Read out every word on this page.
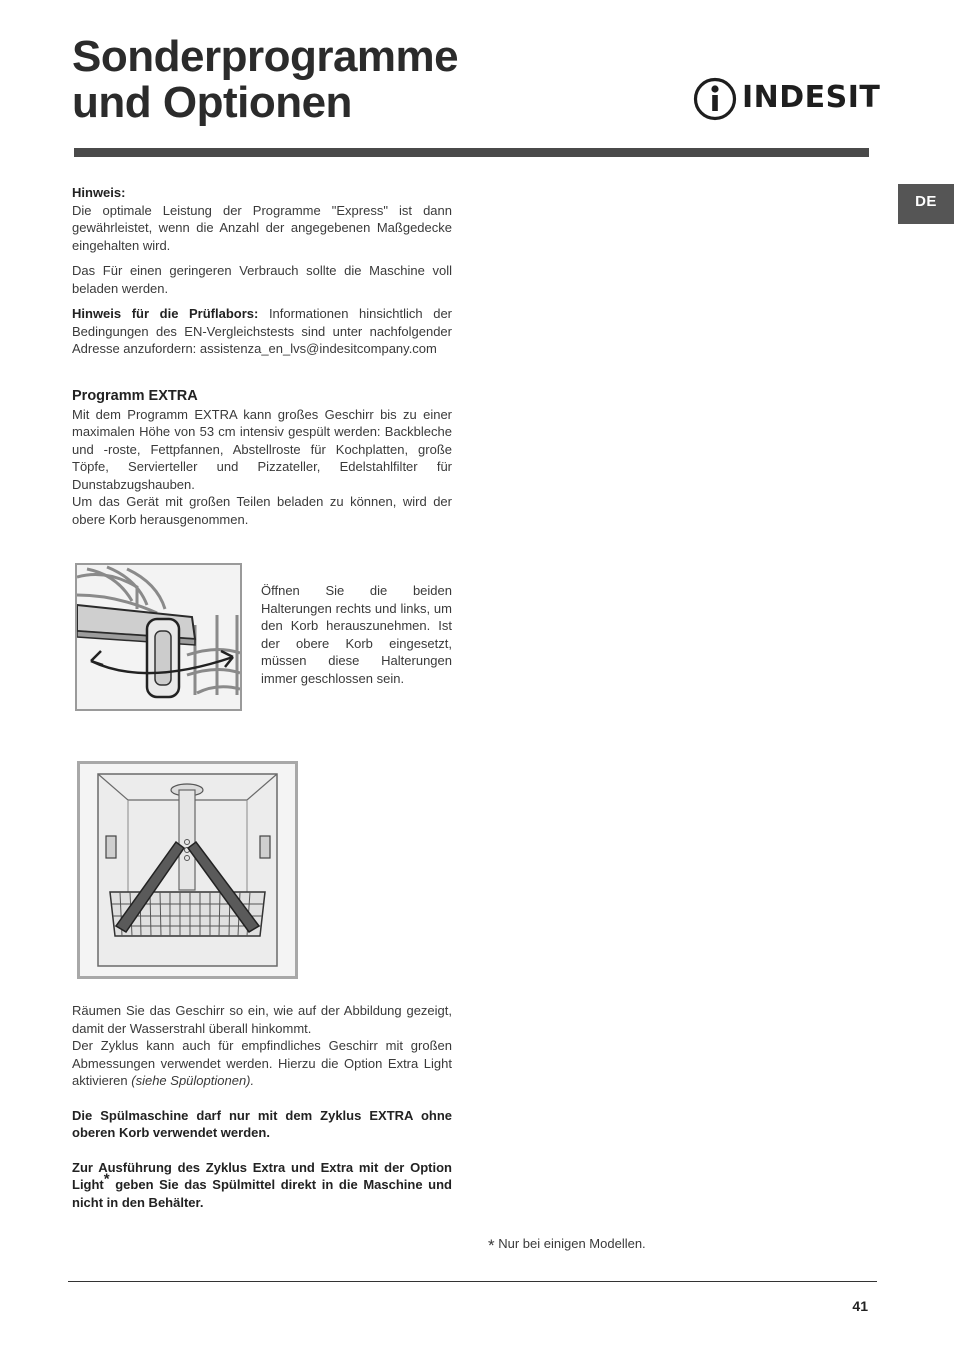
Sonderprogramme
und Optionen	INDESIT
DE

Hinweis:

Die optimale Leistung der Programme "Express" ist dann gewährleistet, wenn die Anzahl der angegebenen Maßgedecke eingehalten wird.

Das Für einen geringeren Verbrauch sollte die Maschine voll beladen werden.

Hinweis für die Prüflabors: Informationen hinsichtlich der Bedingungen des EN-Vergleichstests sind unter nachfolgender Adresse anzufordern: assistenza_en_lvs@indesitcompany.com

Programm EXTRA

Mit dem Programm EXTRA kann großes Geschirr bis zu einer maximalen Höhe von 53 cm intensiv gespült werden: Backbleche und -roste, Fettpfannen, Abstellroste für Kochplatten, große Töpfe, Servierteller und Pizzateller, Edelstahlfilter für Dunstabzugshauben.

Um das Gerät mit großen Teilen beladen zu können, wird der obere Korb herausgenommen.

Öffnen Sie die beiden Halterungen rechts und links, um den Korb herauszunehmen. Ist der obere Korb eingesetzt, müssen diese Halterungen immer geschlossen sein.

Räumen Sie das Geschirr so ein, wie auf der Abbildung gezeigt, damit der Wasserstrahl überall hinkommt.

Der Zyklus kann auch für empfindliches Geschirr mit großen Abmessungen verwendet werden. Hierzu die Option Extra Light aktivieren (siehe Spüloptionen).

Die Spülmaschine darf nur mit dem Zyklus EXTRA ohne oberen Korb verwendet werden.

Zur Ausführung des Zyklus Extra und Extra mit der Option Light* geben Sie das Spülmittel direkt in die Maschine und nicht in den Behälter.

* Nur bei einigen Modellen.
41
